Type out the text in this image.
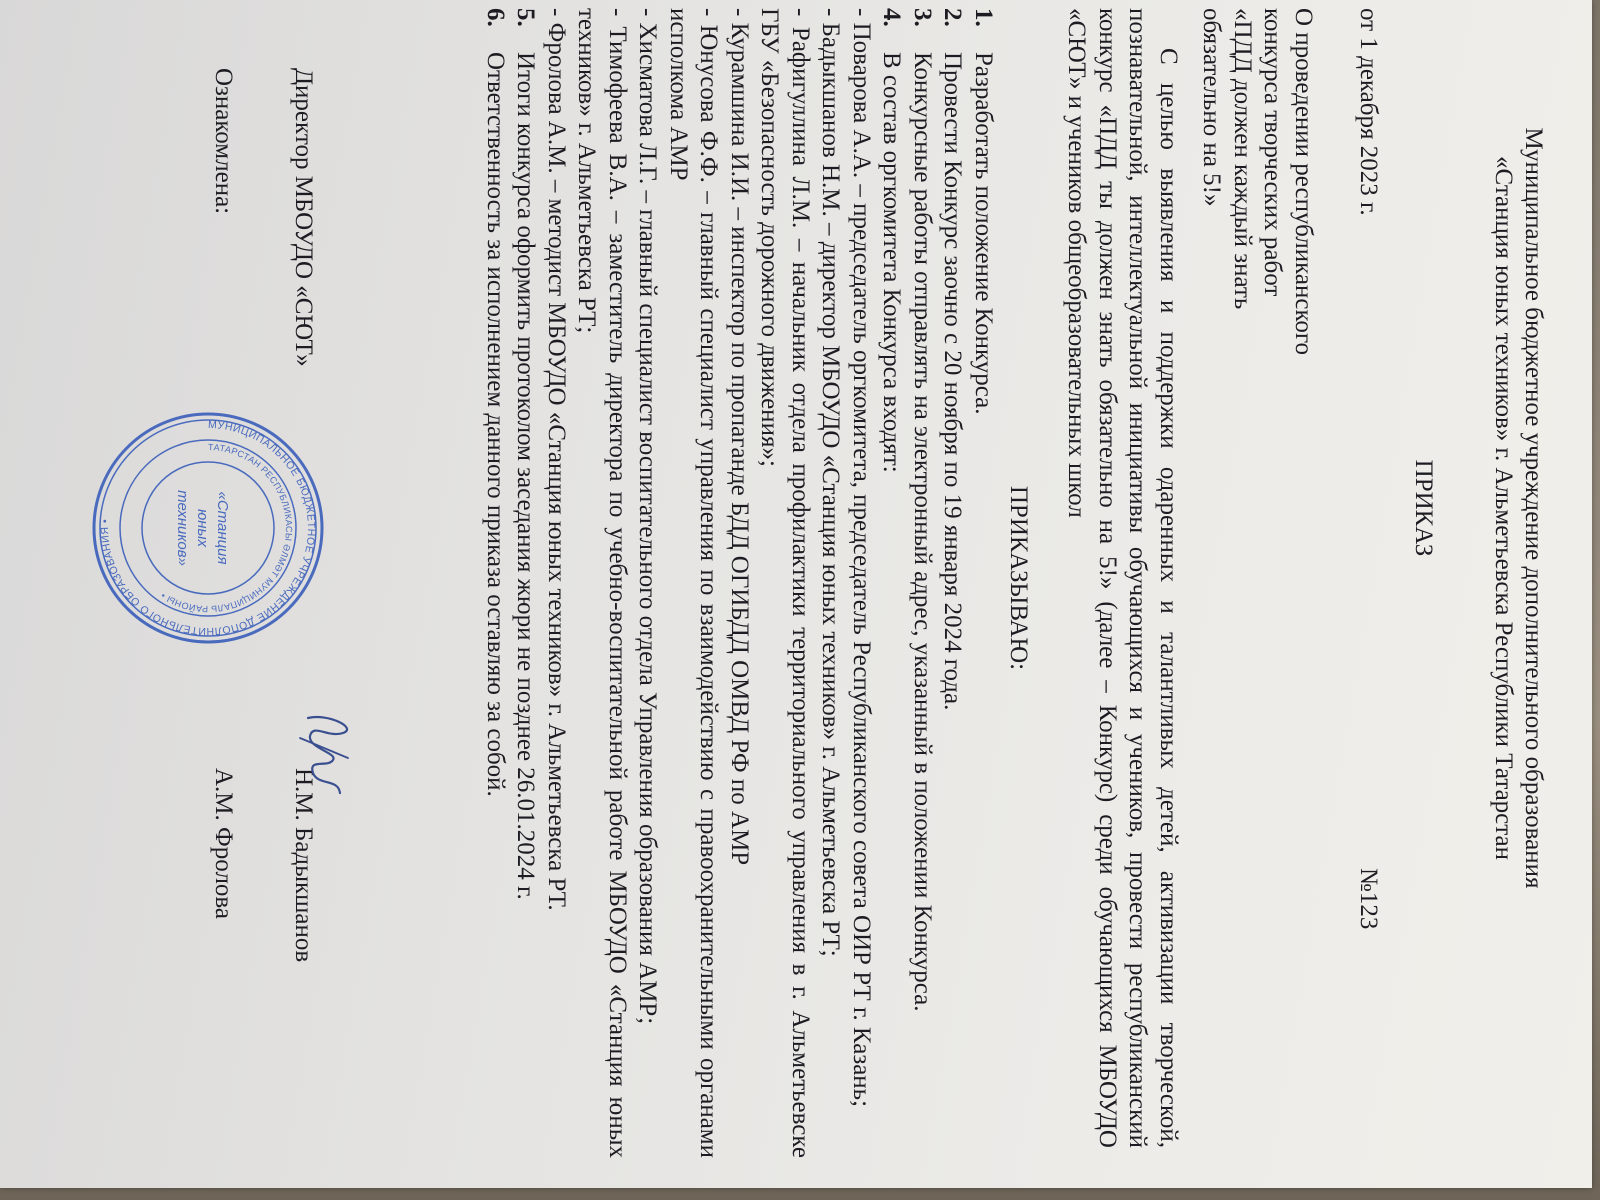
Муниципальное бюджетное учреждение дополнительного образования
«Станция юных техников» г. Альметьевска Республики Татарстан
ПРИКАЗ
от 1 декабря 2023 г.
№123
О проведении республиканского
конкурса творческих работ
«ПДД должен каждый знать
обязательно на 5!»
С целью выявления и поддержки одаренных и талантливых детей, активизации творческой, познавательной, интеллектуальной инициативы обучающихся и учеников, провести республиканский конкурс «ПДД ты должен знать обязательно на 5!» (далее – Конкурс) среди обучающихся МБОУДО «СЮТ» и учеников общеобразовательных школ
ПРИКАЗЫВАЮ:
1.Разработать положение Конкурса.
2.Провести Конкурс заочно с 20 ноября по 19 января 2024 года.
3.Конкурсные работы отправлять на электронный адрес, указанный в положении Конкурса.
4.В состав оргкомитета Конкурса входят:
- Поварова А.А. – председатель оргкомитета, председатель Республиканского совета ОИР РТ г. Казань;
- Бадыкшанов Н.М. – директор МБОУДО «Станция юных техников» г. Альметьевска РТ;
- Рафигуллина Л.М. – начальник отдела профилактики территориального управления в г. Альметьевске ГБУ «Безопасность дорожного движения»;
- Курамшина И.И. – инспектор по пропаганде БДД ОГИБДД ОМВД РФ по АМР
- Юнусова Ф.Ф. – главный специалист управления по взаимодействию с правоохранительными органами исполкома АМР
- Хисматова Л.Г. – главный специалист воспитательного отдела Управления образования АМР;
- Тимофеева В.А. – заместитель директора по учебно-воспитательной работе МБОУДО «Станция юных техников» г. Альметьевска РТ;
- Фролова А.М. – методист МБОУДО «Станция юных техников» г. Альметьевска РТ.
5.Итоги конкурса оформить протоколом заседания жюри не позднее 26.01.2024 г.
6.Ответственность за исполнением данного приказа оставляю за собой.
Директор МБОУДО «СЮТ»
Н.М. Бадыкшанов
Ознакомлена:
А.М. Фролова
МУНИЦИПАЛЬНОЕ БЮДЖЕТНОЕ УЧРЕЖДЕНИЕ ДОПОЛНИТЕЛЬНОГО ОБРАЗОВАНИЯ •
ТАТАРСТАН РЕСПУБЛИКАСЫ ӘЛМӘТ МУНИЦИПАЛЬ РАЙОНЫ •
«Станция
юных
техников»
